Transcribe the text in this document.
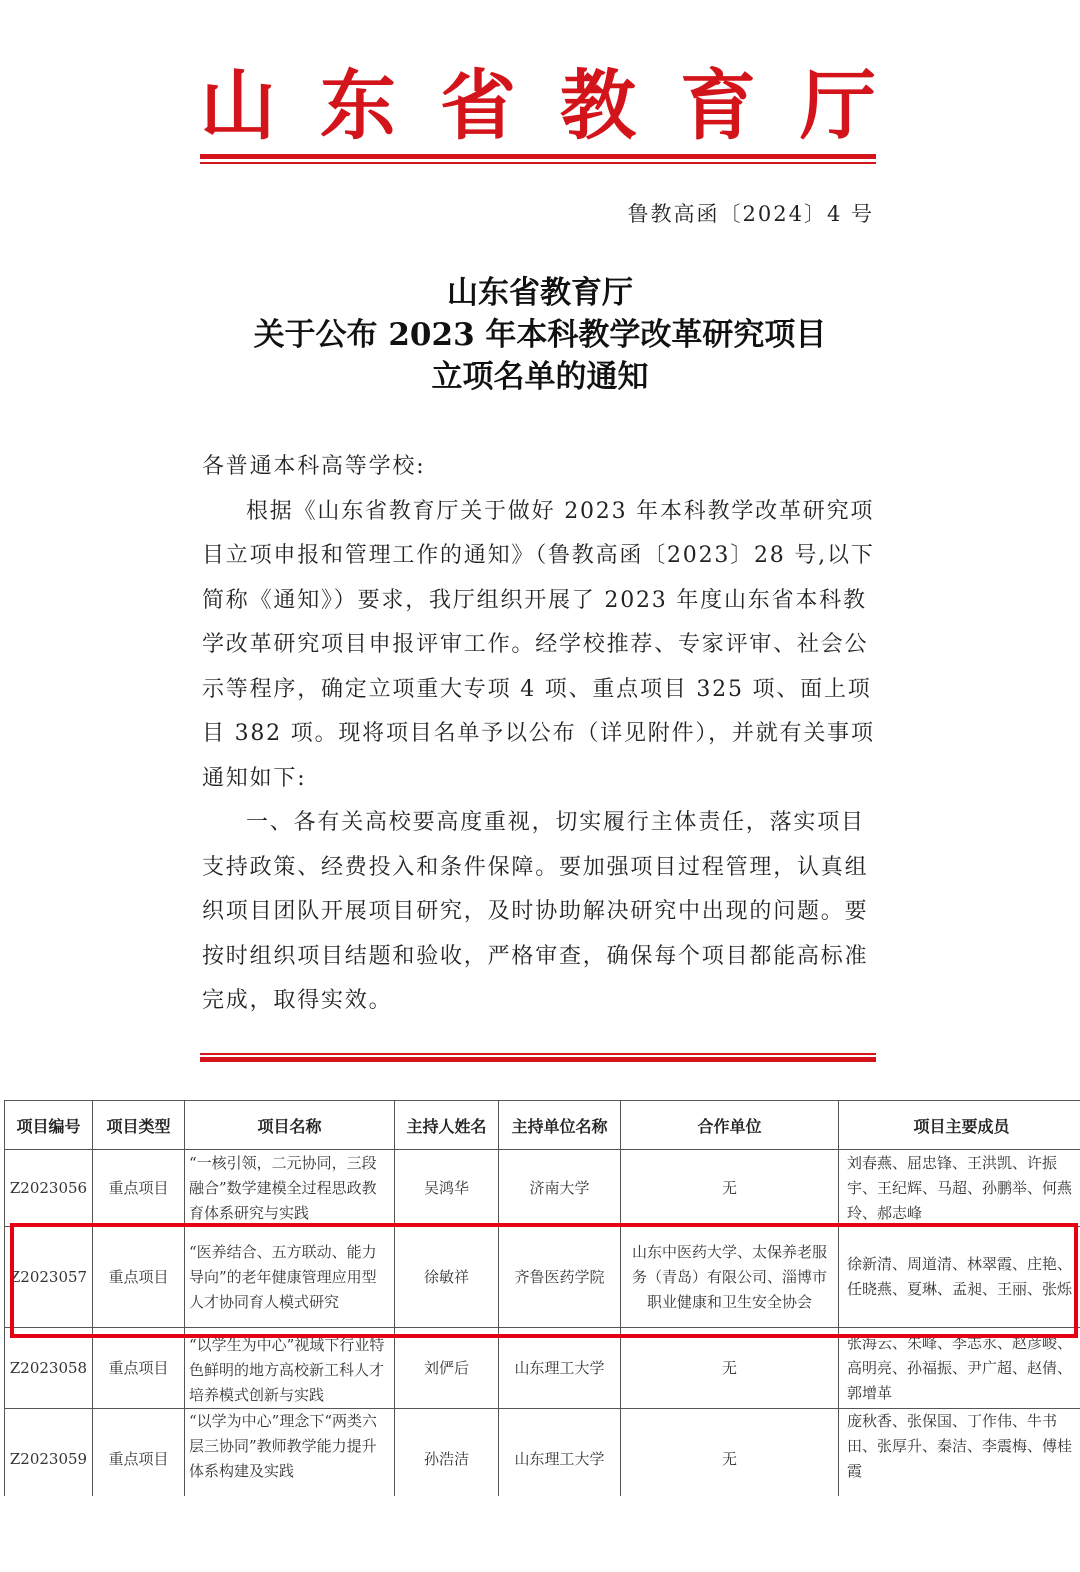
山 东 省 教 育 厅
鲁教高函〔2024〕4 号
山东省教育厅
关于公布 2023 年本科教学改革研究项目
立项名单的通知

各普通本科高等学校:

根据《山东省教育厅关于做好 2023 年本科教学改革研究项目立项申报和管理工作的通知》（鲁教高函〔2023〕28 号,以下简称《通知》）要求，我厅组织开展了 2023 年度山东省本科教学改革研究项目申报评审工作。经学校推荐、专家评审、社会公示等程序，确定立项重大专项 4 项、重点项目 325 项、面上项目 382 项。现将项目名单予以公布（详见附件），并就有关事项通知如下:

一、各有关高校要高度重视，切实履行主体责任，落实项目支持政策、经费投入和条件保障。要加强项目过程管理，认真组织项目团队开展项目研究，及时协助解决研究中出现的问题。要按时组织项目结题和验收，严格审查，确保每个项目都能高标准完成，取得实效。

项目编号	项目类型	项目名称	主持人姓名	主持单位名称	合作单位	项目主要成员
Z2023056	重点项目	“一核引领，二元协同，三段融合”数学建模全过程思政教育体系研究与实践	吴鸿华	济南大学	无	刘春燕、屈忠锋、王洪凯、许振宇、王纪辉、马超、孙鹏举、何燕玲、郝志峰
Z2023057	重点项目	“医养结合、五方联动、能力导向”的老年健康管理应用型人才协同育人模式研究	徐敏祥	齐鲁医药学院	山东中医药大学、太保养老服务（青岛）有限公司、淄博市职业健康和卫生安全协会	徐新清、周道清、林翠霞、庄艳、任晓燕、夏琳、孟昶、王丽、张烁
Z2023058	重点项目	“以学生为中心”视域下行业特色鲜明的地方高校新工科人才培养模式创新与实践	刘俨后	山东理工大学	无	张海云、朱峰、李志永、赵彦峻、高明亮、孙福振、尹广超、赵倩、郭增革
Z2023059	重点项目	“以学为中心”理念下“两类六层三协同”教师教学能力提升体系构建及实践	孙浩洁	山东理工大学	无	庞秋香、张保国、丁作伟、牛书田、张厚升、秦洁、李震梅、傅桂霞
